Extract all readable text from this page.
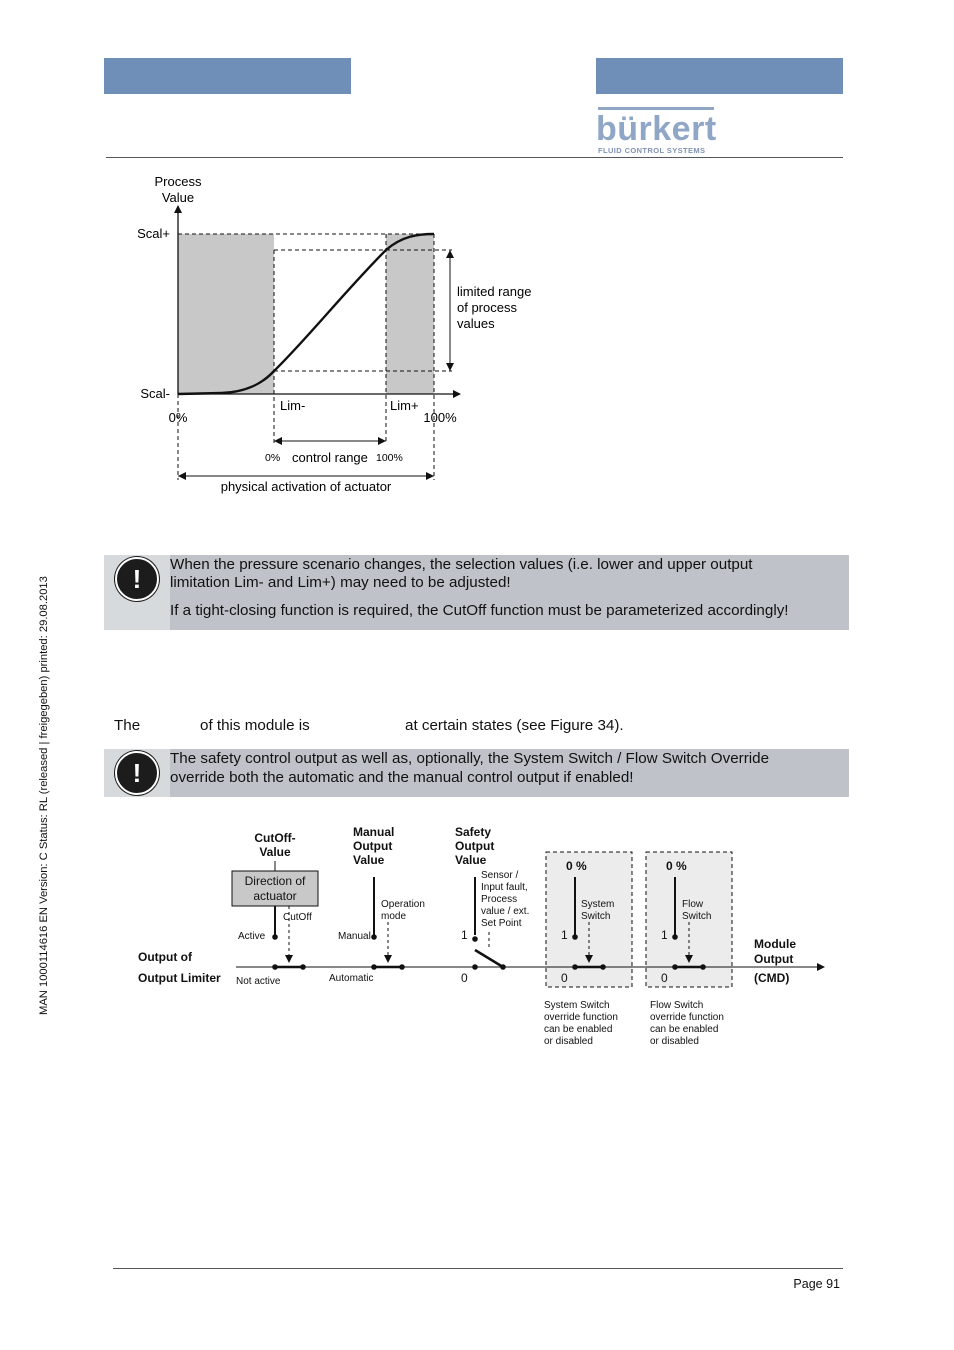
bürkert
FLUID CONTROL SYSTEMS
MAN 1000114616 EN Version: C Status: RL (released | freigegeben) printed: 29.08.2013
Process
Value
Scal+
Scal-
0%	100%
Lim-	Lim+
limited range
of process
values
0% control range 100%
physical activation of actuator
!	When the pressure scenario changes, the selection values (i.e. lower and upper output
limitation Lim- and Lim+) may need to be adjusted!
If a tight-closing function is required, the CutOff function must be parameterized accordingly!
The	of this module is	at certain states (see Figure 34).
!	The safety control output as well as, optionally, the System Switch / Flow Switch Override
override both the automatic and the manual control output if enabled!
CutOff-
Value
Manual
Output
Value
Safety
Output
Value
Output of
Output Limiter
0 %	0 %
Module
Output
(CMD)
Direction of
actuator
1
0
1
0
1
0
CutOff
Active
Not active
Manual
Automatic
Operation
mode
Sensor /
Input fault,
Process
value / ext.
Set Point
System
Switch
Flow
Switch
System Switch
override function
can be enabled
or disabled
Flow Switch
override function
can be enabled
or disabled
Page 91
